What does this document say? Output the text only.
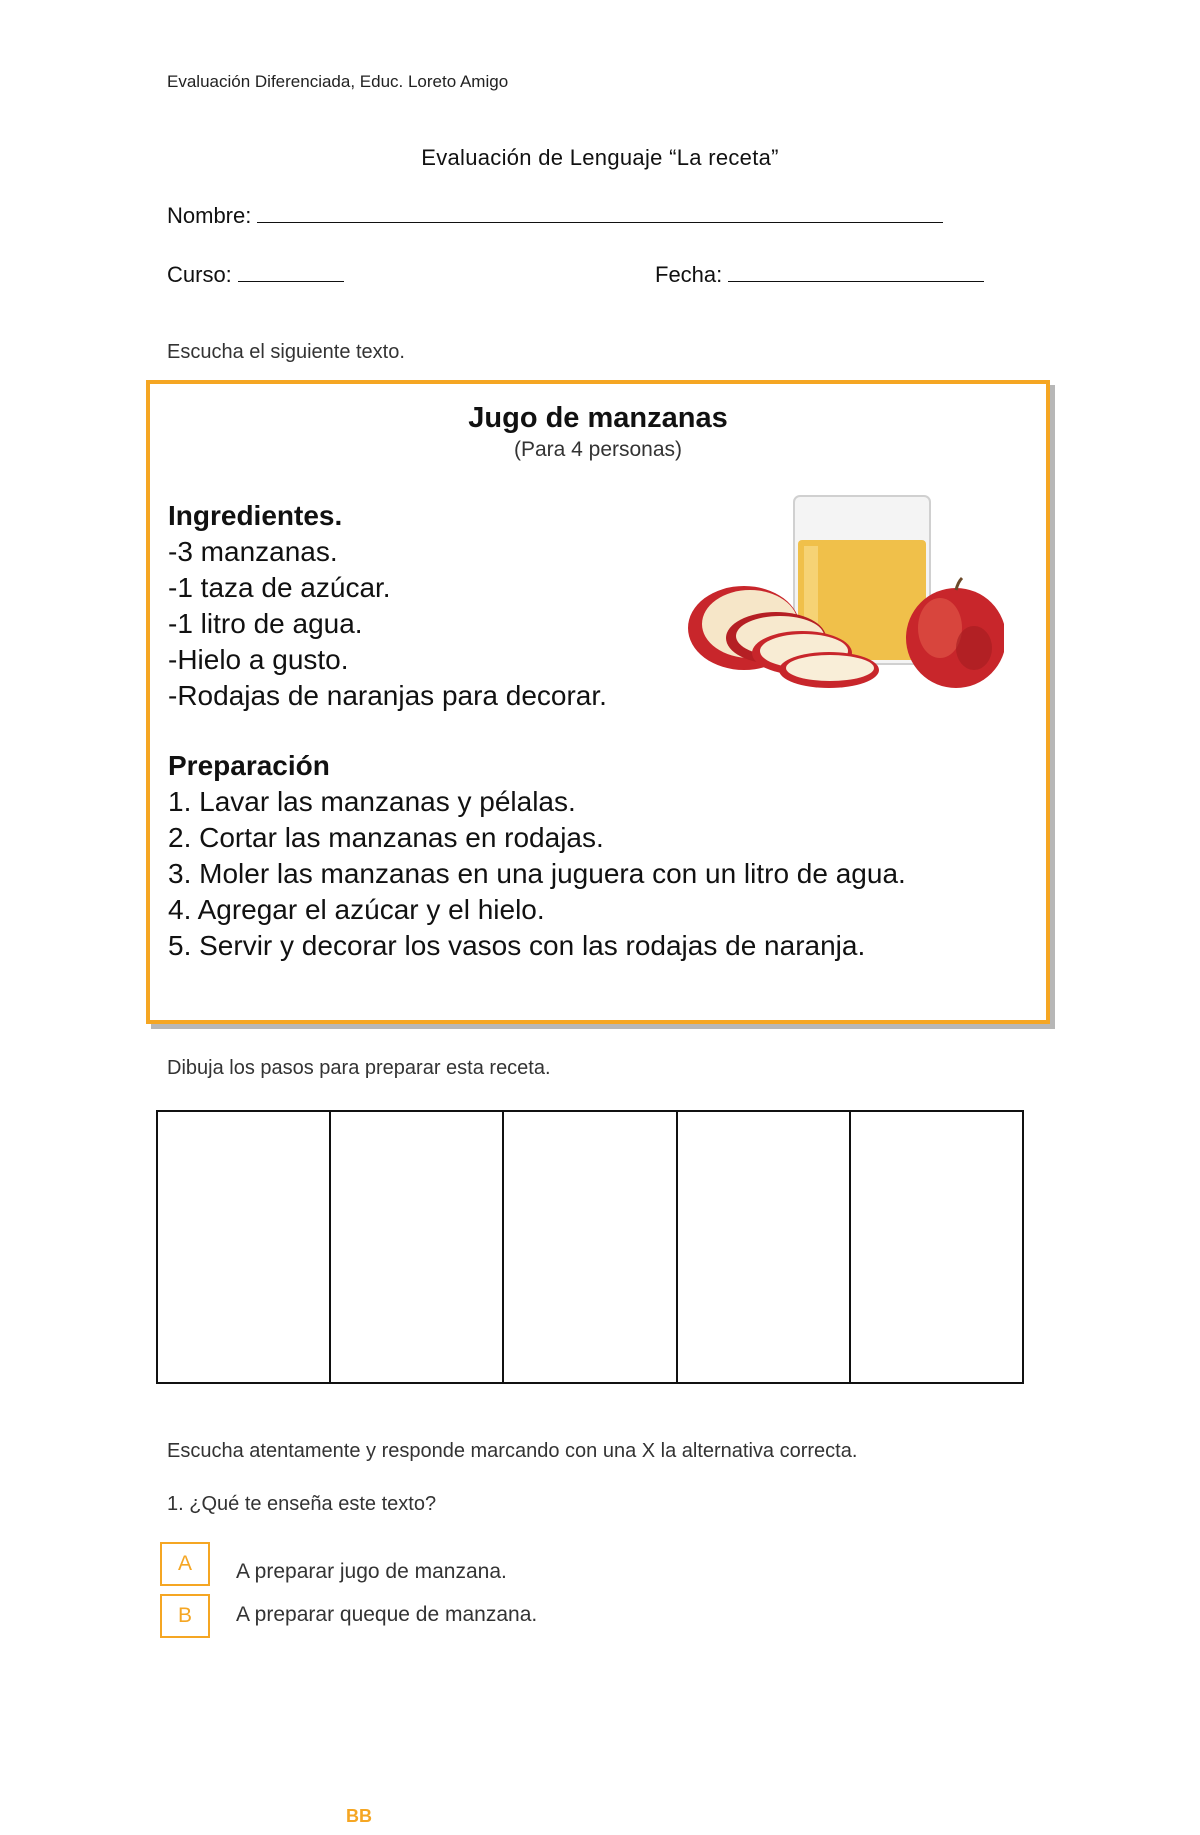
Evaluación Diferenciada, Educ. Loreto Amigo
Evaluación de Lenguaje “La receta”
Nombre:
Curso:	Fecha:
Escucha el siguiente texto.
Jugo de manzanas
(Para 4 personas)
Ingredientes.
-3 manzanas.
-1 taza de azúcar.
-1 litro de agua.
-Hielo a gusto.
-Rodajas de naranjas para decorar.
Preparación
1. Lavar las manzanas y pélalas.
2. Cortar las manzanas en rodajas.
3. Moler las manzanas en una juguera con un litro de agua.
4. Agregar el azúcar y el hielo.
5. Servir y decorar los vasos con las rodajas de naranja.
Dibuja los pasos para preparar esta receta.
Escucha atentamente y responde marcando con una X la alternativa correcta.
1. ¿Qué te enseña este texto?
A	A preparar jugo de manzana.
B	A preparar queque de manzana.
BB
